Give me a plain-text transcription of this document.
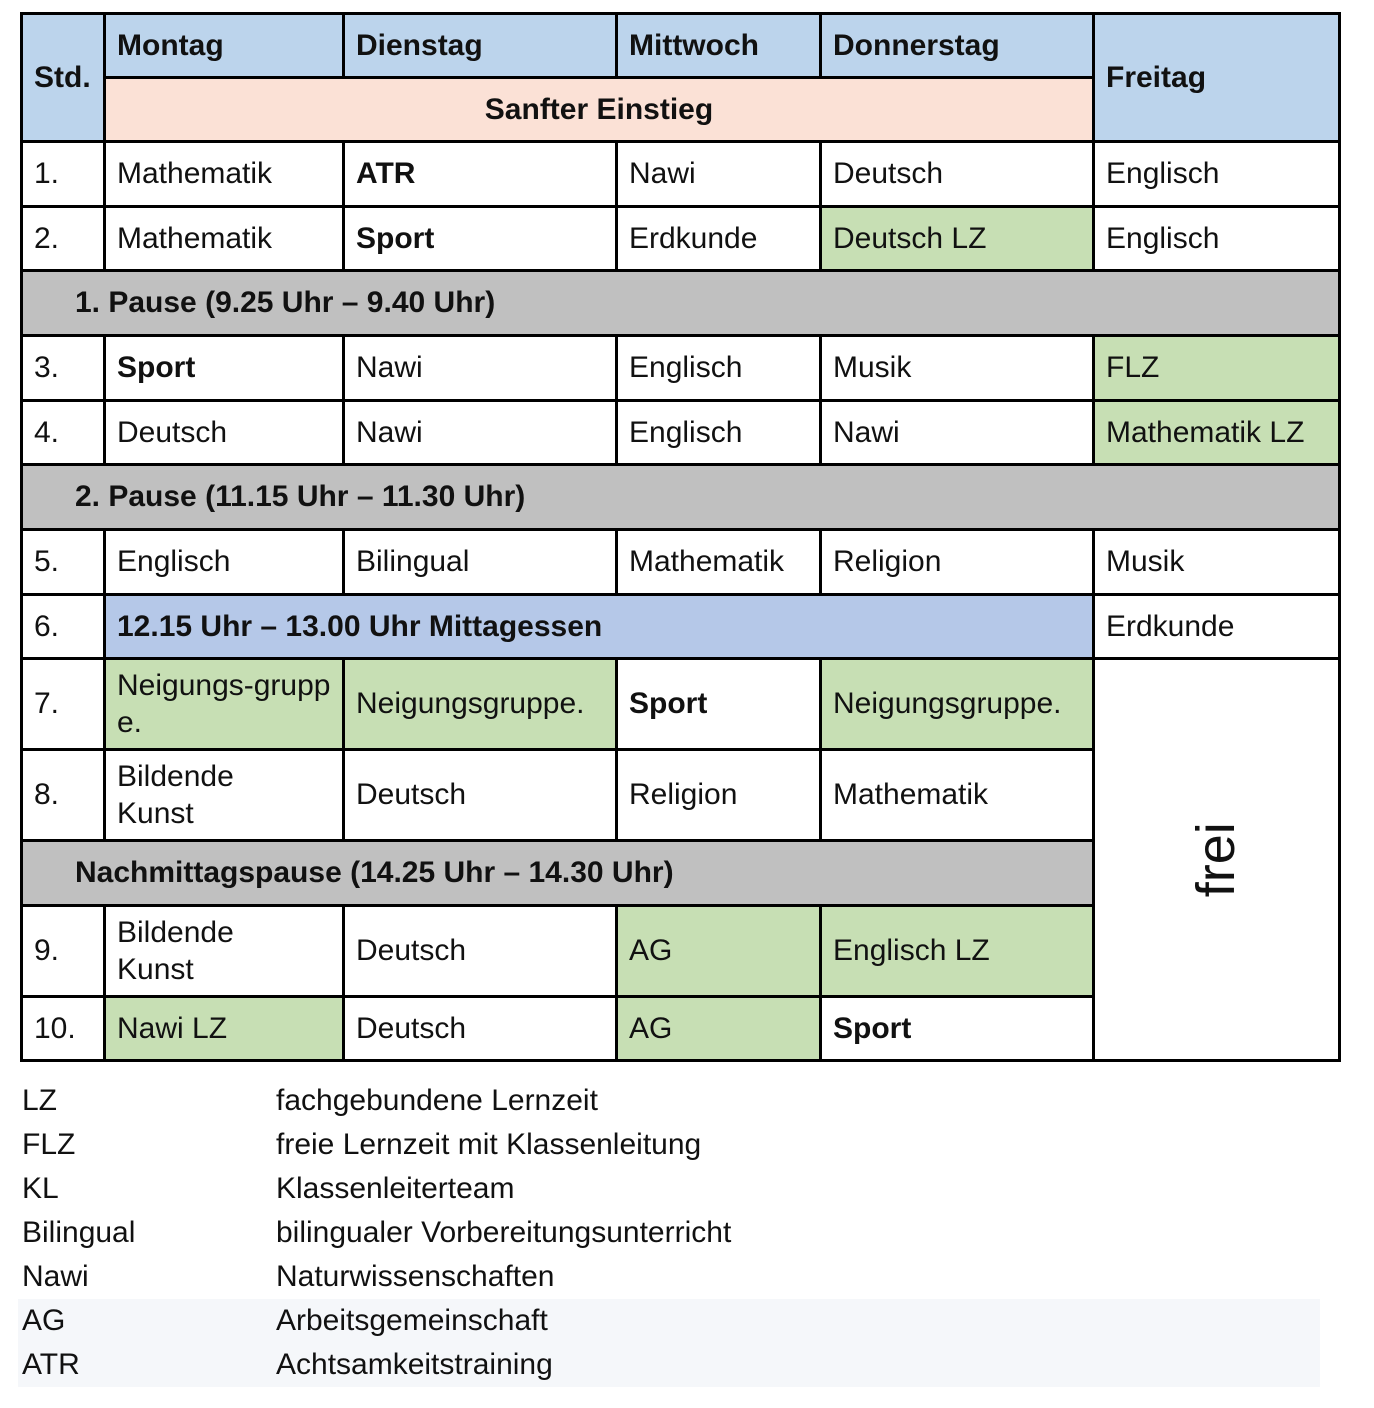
Std.	Montag	Dienstag	Mittwoch	Donnerstag	Freitag
	Sanfter Einstieg				
1.	Mathematik	ATR	Nawi	Deutsch	Englisch
2.	Mathematik	Sport	Erdkunde	Deutsch LZ	Englisch
1. Pause (9.25 Uhr – 9.40 Uhr)					
3.	Sport	Nawi	Englisch	Musik	FLZ
4.	Deutsch	Nawi	Englisch	Nawi	Mathematik LZ
2. Pause (11.15 Uhr – 11.30 Uhr)					
5.	Englisch	Bilingual	Mathematik	Religion	Musik
6.	12.15 Uhr – 13.00 Uhr Mittagessen				Erdkunde
7.	Neigungs-gruppe.	Neigungsgruppe.	Sport	Neigungsgruppe.	frei
8.	Bildende Kunst	Deutsch	Religion	Mathematik	
Nachmittagspause (14.25 Uhr – 14.30 Uhr)					
9.	Bildende Kunst	Deutsch	AG	Englisch LZ	
10.	Nawi LZ	Deutsch	AG	Sport	
LZ	fachgebundene Lernzeit
FLZ	freie Lernzeit mit Klassenleitung
KL	Klassenleiterteam
Bilingual	bilingualer Vorbereitungsunterricht
Nawi	Naturwissenschaften
AG	Arbeitsgemeinschaft
ATR	Achtsamkeitstraining
